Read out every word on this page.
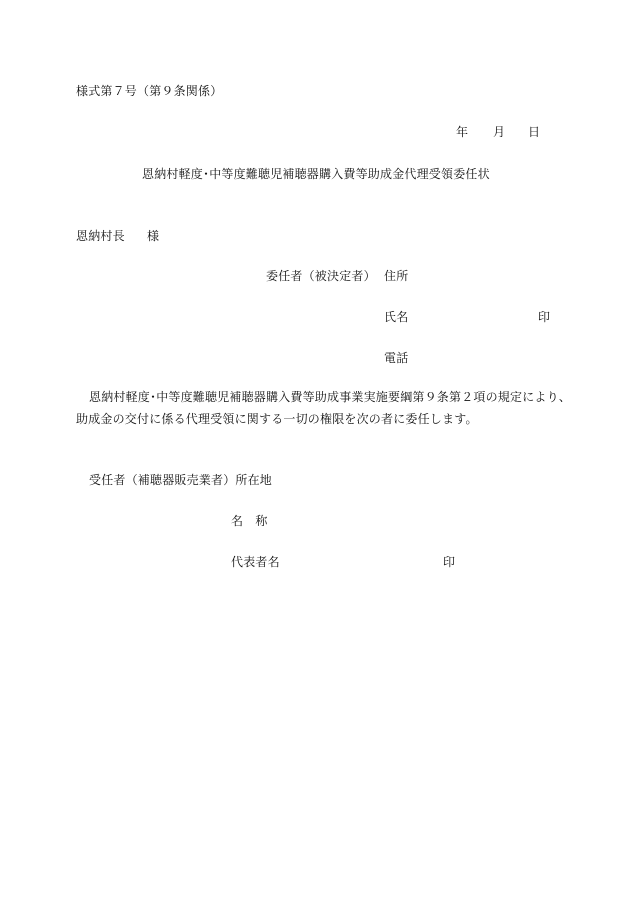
様式第７号（第９条関係）
年 月 日
恩納村軽度･中等度難聴児補聴器購入費等助成金代理受領委任状
恩納村長 様
委任者（被決定者） 住所
氏名	印
電話
恩納村軽度･中等度難聴児補聴器購入費等助成事業実施要綱第９条第２項の規定により、
助成金の交付に係る代理受領に関する一切の権限を次の者に委任します。
受任者（補聴器販売業者）所在地
名　称
代表者名	印
